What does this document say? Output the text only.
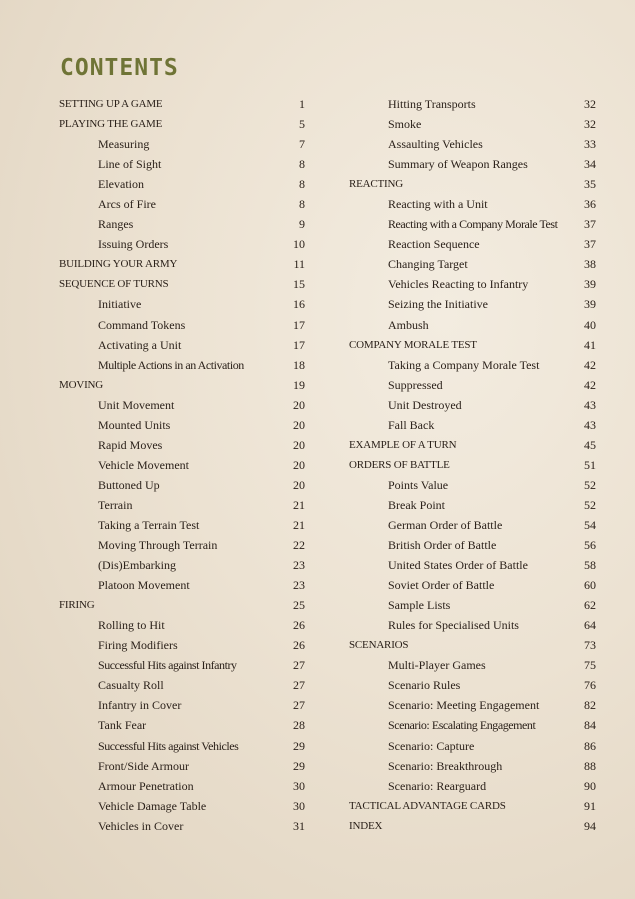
CONTENTS
SETTING UP A GAME	1
PLAYING THE GAME	5
Measuring	7
Line of Sight	8
Elevation	8
Arcs of Fire	8
Ranges	9
Issuing Orders	10
BUILDING YOUR ARMY	11
SEQUENCE OF TURNS	15
Initiative	16
Command Tokens	17
Activating a Unit	17
Multiple Actions in an Activation	18
MOVING	19
Unit Movement	20
Mounted Units	20
Rapid Moves	20
Vehicle Movement	20
Buttoned Up	20
Terrain	21
Taking a Terrain Test	21
Moving Through Terrain	22
(Dis)Embarking	23
Platoon Movement	23
FIRING	25
Rolling to Hit	26
Firing Modifiers	26
Successful Hits against Infantry	27
Casualty Roll	27
Infantry in Cover	27
Tank Fear	28
Successful Hits against Vehicles	29
Front/Side Armour	29
Armour Penetration	30
Vehicle Damage Table	30
Vehicles in Cover	31
Hitting Transports	32
Smoke	32
Assaulting Vehicles	33
Summary of Weapon Ranges	34
REACTING	35
Reacting with a Unit	36
Reacting with a Company Morale Test 37
Reaction Sequence	37
Changing Target	38
Vehicles Reacting to Infantry	39
Seizing the Initiative	39
Ambush	40
COMPANY MORALE TEST	41
Taking a Company Morale Test	42
Suppressed	42
Unit Destroyed	43
Fall Back	43
EXAMPLE OF A TURN	45
ORDERS OF BATTLE	51
Points Value	52
Break Point	52
German Order of Battle	54
British Order of Battle	56
United States Order of Battle	58
Soviet Order of Battle	60
Sample Lists	62
Rules for Specialised Units	64
SCENARIOS	73
Multi-Player Games	75
Scenario Rules	76
Scenario: Meeting Engagement	82
Scenario: Escalating Engagement	84
Scenario: Capture	86
Scenario: Breakthrough	88
Scenario: Rearguard	90
TACTICAL ADVANTAGE CARDS	91
INDEX	94
